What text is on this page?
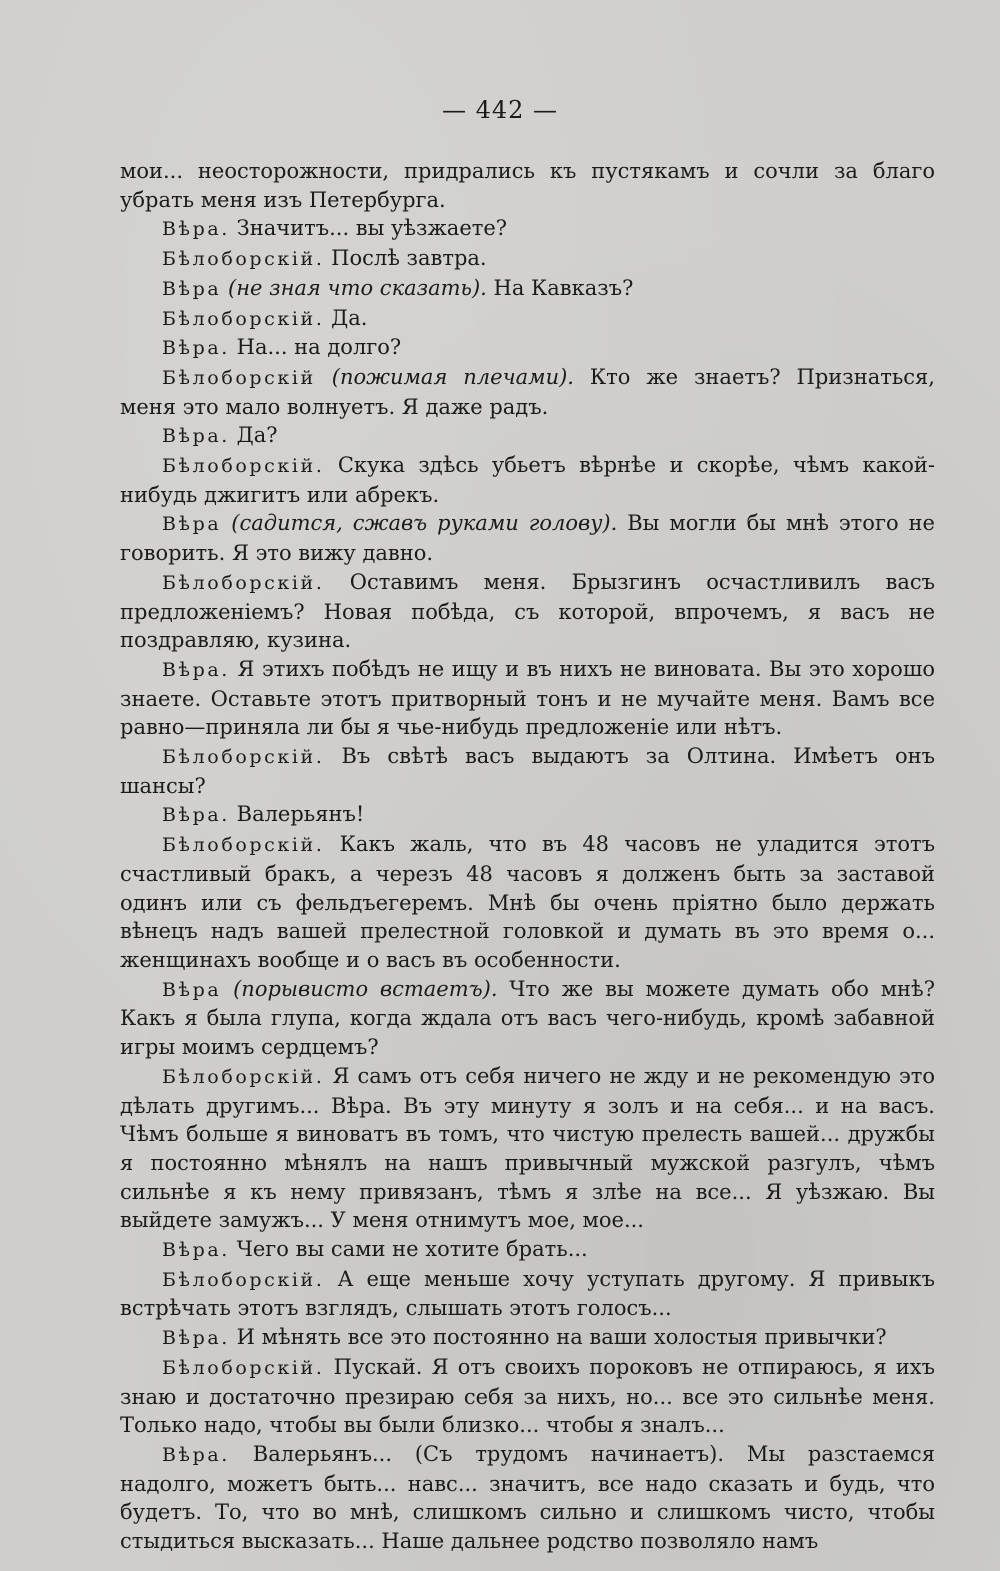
— 442 —

мои... неосторожности, придрались къ пустякамъ и сочли за благо убрать меня изъ Петербурга.

Вѣра. Значитъ... вы уѣзжаете?

Бѣлоборскій. Послѣ завтра.

Вѣра (не зная что сказать). На Кавказъ?

Бѣлоборскій. Да.

Вѣра. На... на долго?

Бѣлоборскій (пожимая плечами). Кто же знаетъ? Признаться, меня это мало волнуетъ. Я даже радъ.

Вѣра. Да?

Бѣлоборскій. Скука здѣсь убьетъ вѣрнѣе и скорѣе, чѣмъ какой-нибудь джигитъ или абрекъ.

Вѣра (садится, сжавъ руками голову). Вы могли бы мнѣ этого не говорить. Я это вижу давно.

Бѣлоборскій. Оставимъ меня. Брызгинъ осчастливилъ васъ предложеніемъ? Новая побѣда, съ которой, впрочемъ, я васъ не поздравляю, кузина.

Вѣра. Я этихъ побѣдъ не ищу и въ нихъ не виновата. Вы это хорошо знаете. Оставьте этотъ притворный тонъ и не мучайте меня. Вамъ все равно—приняла ли бы я чье-нибудь предложеніе или нѣтъ.

Бѣлоборскій. Въ свѣтѣ васъ выдаютъ за Олтина. Имѣетъ онъ шансы?

Вѣра. Валерьянъ!

Бѣлоборскій. Какъ жаль, что въ 48 часовъ не уладится этотъ счастливый бракъ, а черезъ 48 часовъ я долженъ быть за заставой одинъ или съ фельдъегеремъ. Мнѣ бы очень пріятно было держать вѣнецъ надъ вашей прелестной головкой и думать въ это время о... женщинахъ вообще и о васъ въ особенности.

Вѣра (порывисто встаетъ). Что же вы можете думать обо мнѣ? Какъ я была глупа, когда ждала отъ васъ чего-нибудь, кромѣ забавной игры моимъ сердцемъ?

Бѣлоборскій. Я самъ отъ себя ничего не жду и не рекомендую это дѣлать другимъ... Вѣра. Въ эту минуту я золъ и на себя... и на васъ. Чѣмъ больше я виноватъ въ томъ, что чистую прелесть вашей... дружбы я постоянно мѣнялъ на нашъ привычный мужской разгулъ, чѣмъ сильнѣе я къ нему привязанъ, тѣмъ я злѣе на все... Я уѣзжаю. Вы выйдете замужъ... У меня отнимутъ мое, мое...

Вѣра. Чего вы сами не хотите брать...

Бѣлоборскій. А еще меньше хочу уступать другому. Я привыкъ встрѣчать этотъ взглядъ, слышать этотъ голосъ...

Вѣра. И мѣнять все это постоянно на ваши холостыя привычки?

Бѣлоборскій. Пускай. Я отъ своихъ пороковъ не отпираюсь, я ихъ знаю и достаточно презираю себя за нихъ, но... все это сильнѣе меня. Только надо, чтобы вы были близко... чтобы я зналъ...

Вѣра. Валерьянъ... (Съ трудомъ начинаетъ). Мы разстаемся надолго, можетъ быть... навс... значитъ, все надо сказать и будь, что будетъ. То, что во мнѣ, слишкомъ сильно и слишкомъ чисто, чтобы стыдиться высказать... Наше дальнее родство позволяло намъ
